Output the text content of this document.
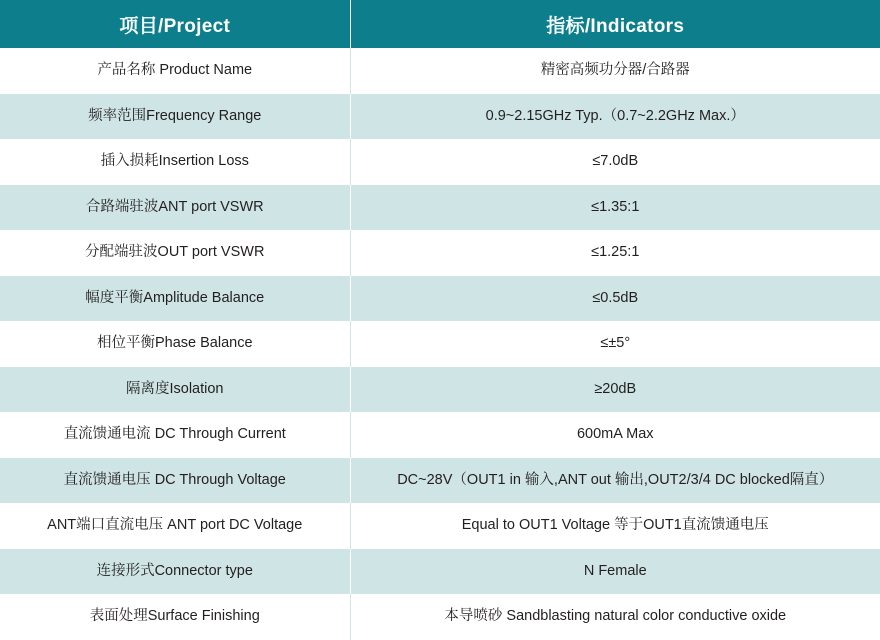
项目/Project	指标/Indicators
产品名称 Product Name	精密高频功分器/合路器
频率范围Frequency Range	0.9~2.15GHz Typ.（0.7~2.2GHz Max.）
插入损耗Insertion Loss	≤7.0dB
合路端驻波ANT port VSWR	≤1.35:1
分配端驻波OUT port VSWR	≤1.25:1
幅度平衡Amplitude Balance	≤0.5dB
相位平衡Phase Balance	≤±5°
隔离度Isolation	≥20dB
直流馈通电流 DC Through Current	600mA Max
直流馈通电压 DC Through Voltage	DC~28V（OUT1 in 输入,ANT out 输出,OUT2/3/4 DC blocked隔直）
ANT端口直流电压 ANT port DC Voltage	Equal to OUT1 Voltage 等于OUT1直流馈通电压
连接形式Connector type	N Female
表面处理Surface Finishing	本导喷砂 Sandblasting natural color conductive oxide
